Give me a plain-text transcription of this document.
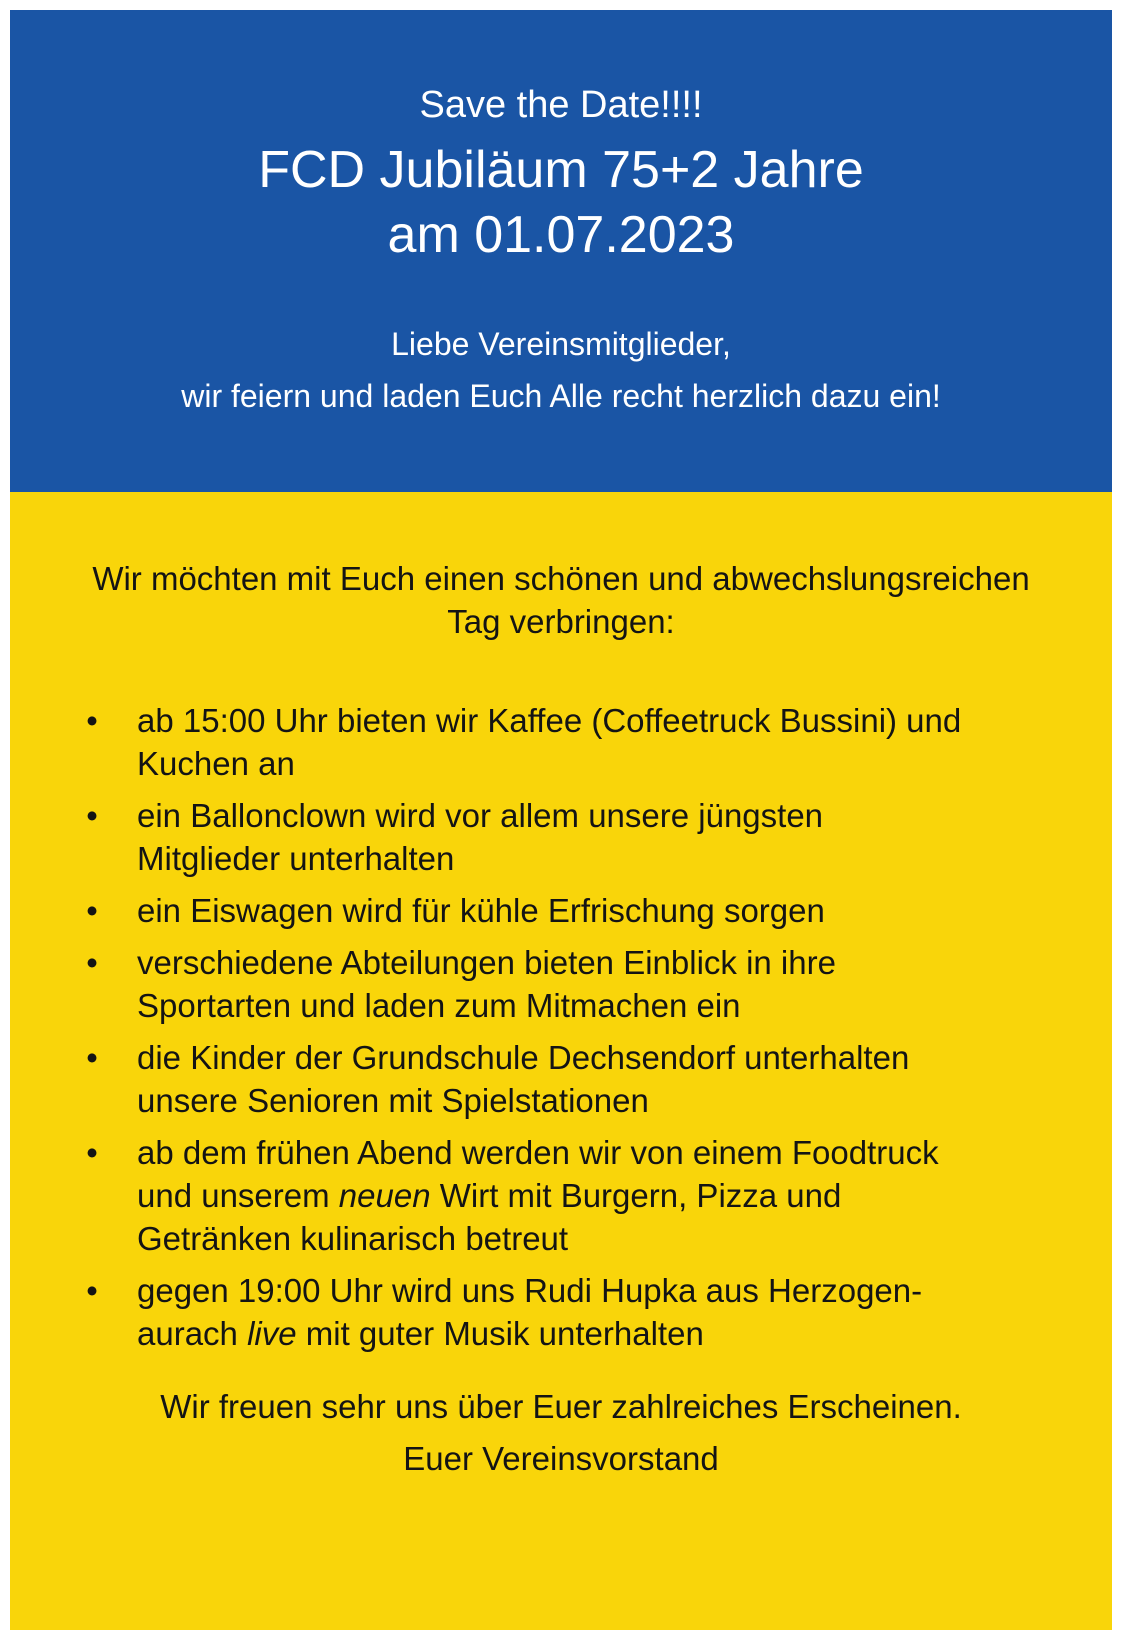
Save the Date!!!!
FCD Jubiläum 75+2 Jahre
am 01.07.2023
Liebe Vereinsmitglieder,
wir feiern und laden Euch Alle recht herzlich dazu ein!
Wir möchten mit Euch einen schönen und abwechslungsreichen
Tag verbringen:
• ab 15:00 Uhr bieten wir Kaffee (Coffeetruck Bussini) und
Kuchen an
• ein Ballonclown wird vor allem unsere jüngsten
Mitglieder unterhalten
• ein Eiswagen wird für kühle Erfrischung sorgen
• verschiedene Abteilungen bieten Einblick in ihre
Sportarten und laden zum Mitmachen ein
• die Kinder der Grundschule Dechsendorf unterhalten
unsere Senioren mit Spielstationen
• ab dem frühen Abend werden wir von einem Foodtruck
und unserem neuen Wirt mit Burgern, Pizza und
Getränken kulinarisch betreut
• gegen 19:00 Uhr wird uns Rudi Hupka aus Herzogen-
aurach live mit guter Musik unterhalten
Wir freuen sehr uns über Euer zahlreiches Erscheinen.
Euer Vereinsvorstand
